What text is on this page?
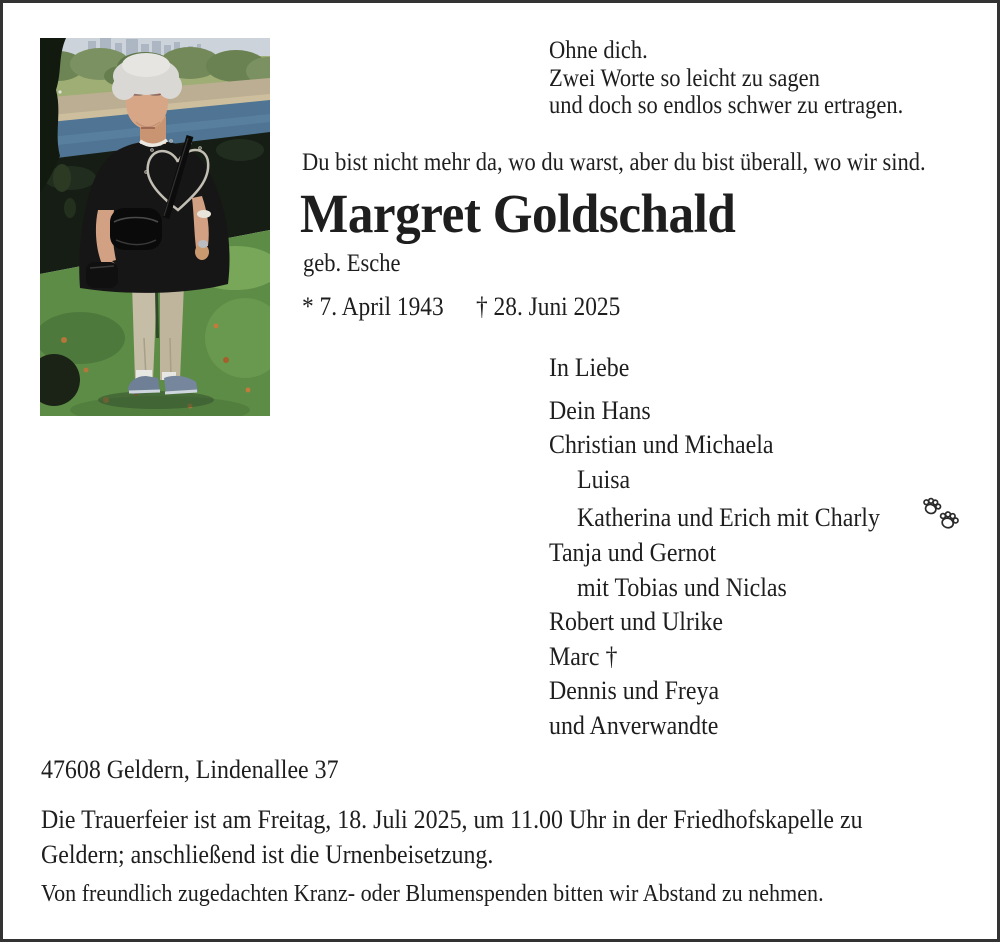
Ohne dich.
Zwei Worte so leicht zu sagen
und doch so endlos schwer zu ertragen.
Du bist nicht mehr da, wo du warst, aber du bist überall, wo wir sind.
Margret Goldschald
geb. Esche
* 7. April 1943 † 28. Juni 2025
In Liebe
Dein Hans
Christian und Michaela
Luisa
Katherina und Erich mit Charly
Tanja und Gernot
mit Tobias und Niclas
Robert und Ulrike
Marc †
Dennis und Freya
und Anverwandte
47608 Geldern, Lindenallee 37
Die Trauerfeier ist am Freitag, 18. Juli 2025, um 11.00 Uhr in der Friedhofskapelle zu
Geldern; anschließend ist die Urnenbeisetzung.
Von freundlich zugedachten Kranz- oder Blumenspenden bitten wir Abstand zu nehmen.
